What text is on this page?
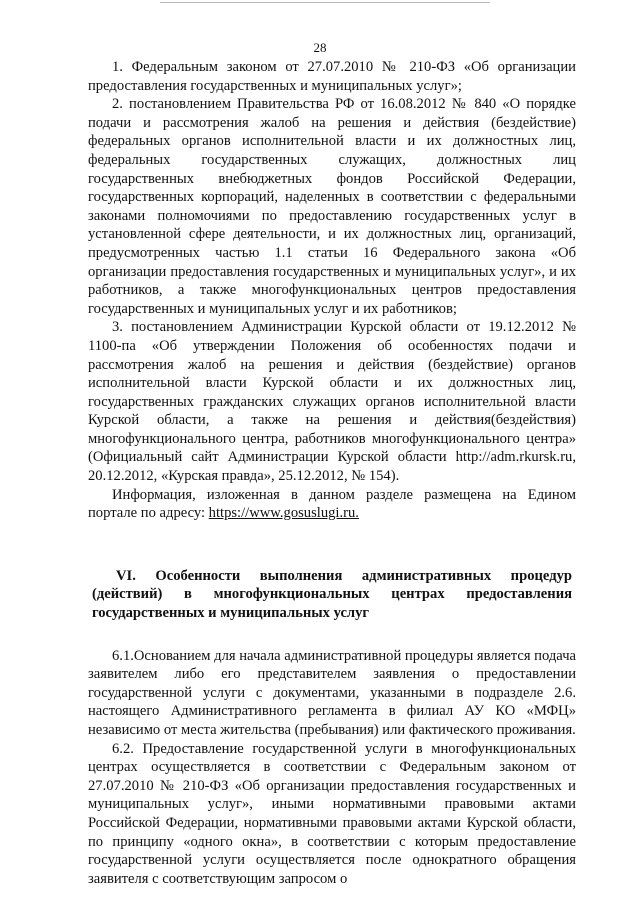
28

1. Федеральным законом от 27.07.2010 № 210-ФЗ «Об организации предоставления государственных и муниципальных услуг»;

2. постановлением Правительства РФ от 16.08.2012 № 840 «О порядке подачи и рассмотрения жалоб на решения и действия (бездействие) федеральных органов исполнительной власти и их должностных лиц, федеральных государственных служащих, должностных лиц государственных внебюджетных фондов Российской Федерации, государственных корпораций, наделенных в соответствии с федеральными законами полномочиями по предоставлению государственных услуг в установленной сфере деятельности, и их должностных лиц, организаций, предусмотренных частью 1.1 статьи 16 Федерального закона «Об организации предоставления государственных и муниципальных услуг», и их работников, а также многофункциональных центров предоставления государственных и муниципальных услуг и их работников;

3. постановлением Администрации Курской области от 19.12.2012 № 1100-па «Об утверждении Положения об особенностях подачи и рассмотрения жалоб на решения и действия (бездействие) органов исполнительной власти Курской области и их должностных лиц, государственных гражданских служащих органов исполнительной власти Курской области, а также на решения и действия(бездействия) многофункционального центра, работников многофункционального центра» (Официальный сайт Администрации Курской области http://adm.rkursk.ru, 20.12.2012, «Курская правда», 25.12.2012, № 154).

Информация, изложенная в данном разделе размещена на Едином портале по адресу: https://www.gosuslugi.ru.

VI. Особенности выполнения административных процедур (действий) в многофункциональных центрах предоставления государственных и муниципальных услуг

6.1.Основанием для начала административной процедуры является подача заявителем либо его представителем заявления о предоставлении государственной услуги с документами, указанными в подразделе 2.6. настоящего Административного регламента в филиал АУ КО «МФЦ» независимо от места жительства (пребывания) или фактического проживания.

6.2. Предоставление государственной услуги в многофункциональных центрах осуществляется в соответствии с Федеральным законом от 27.07.2010 № 210-ФЗ «Об организации предоставления государственных и муниципальных услуг», иными нормативными правовыми актами Российской Федерации, нормативными правовыми актами Курской области, по принципу «одного окна», в соответствии с которым предоставление государственной услуги осуществляется после однократного обращения заявителя с соответствующим запросом о
